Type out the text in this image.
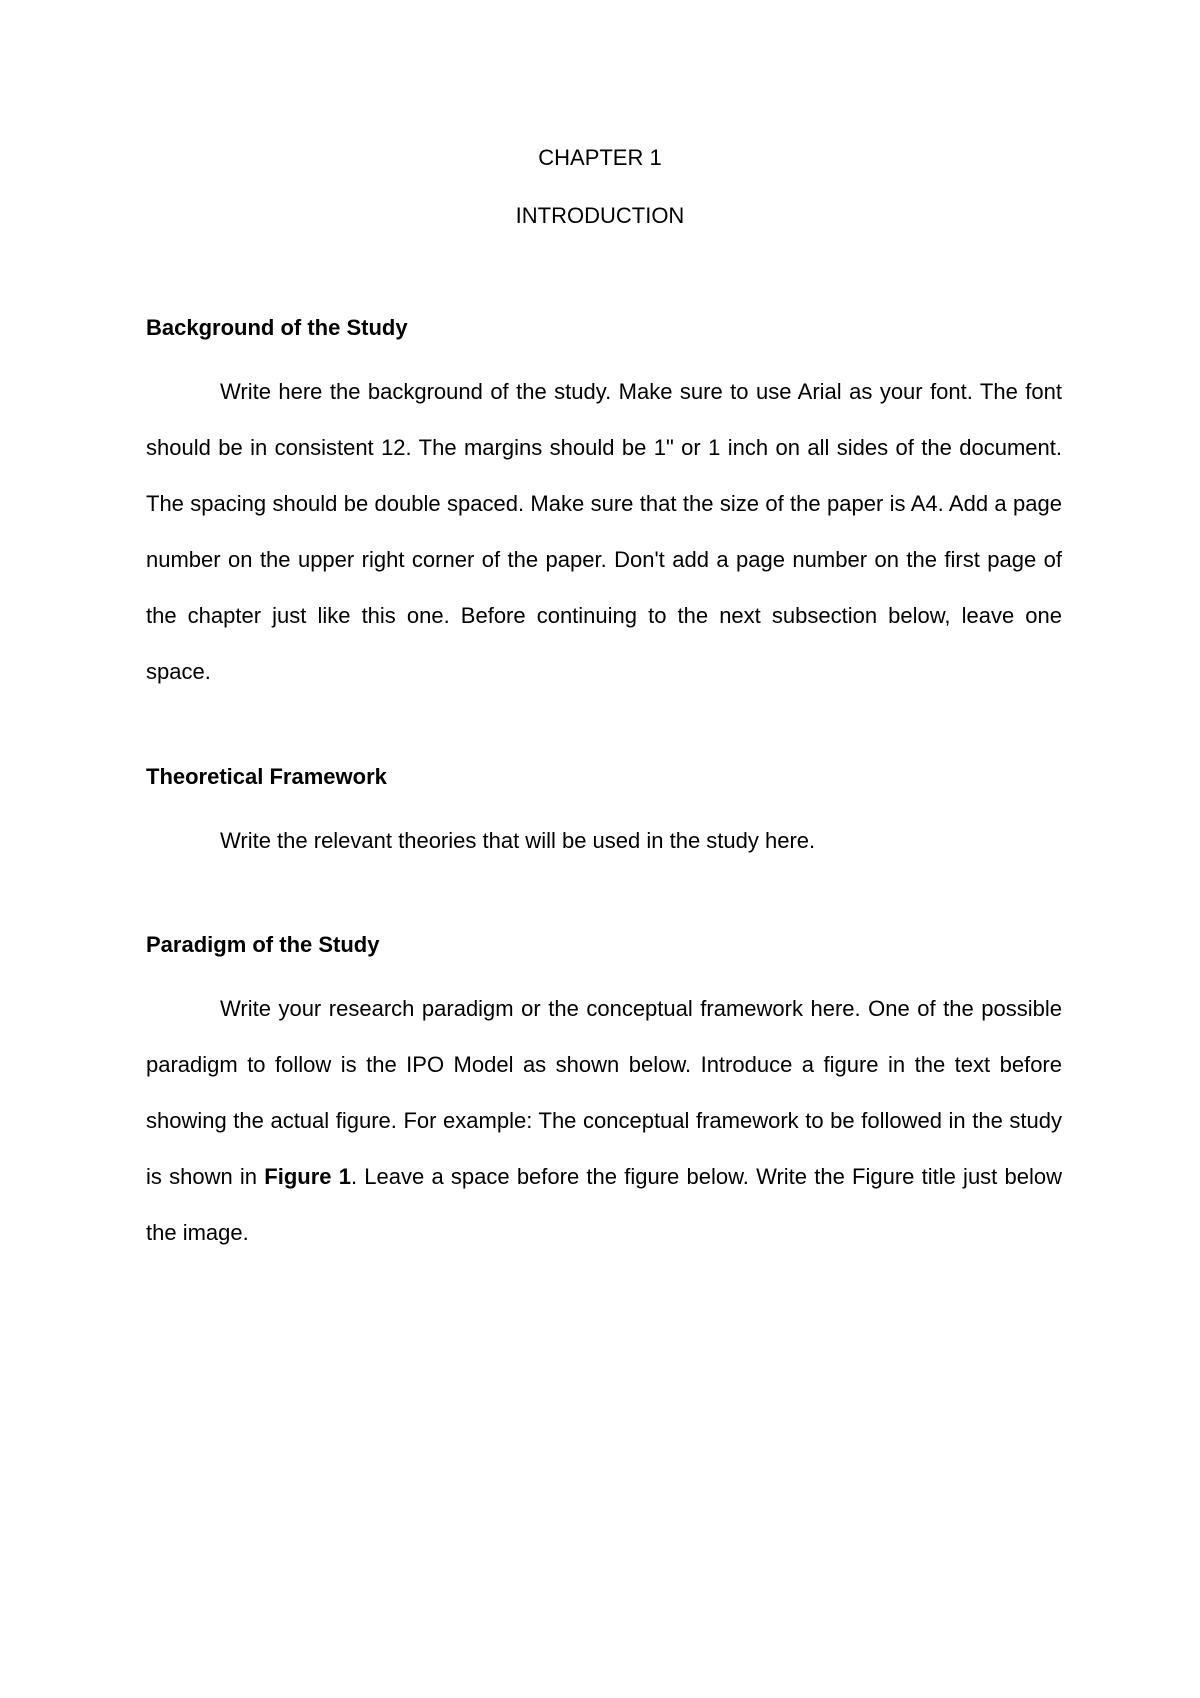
CHAPTER 1
INTRODUCTION

Background of the Study

Write here the background of the study. Make sure to use Arial as your font. The font should be in consistent 12. The margins should be 1" or 1 inch on all sides of the document. The spacing should be double spaced. Make sure that the size of the paper is A4. Add a page number on the upper right corner of the paper. Don't add a page number on the first page of the chapter just like this one. Before continuing to the next subsection below, leave one space.

Theoretical Framework

Write the relevant theories that will be used in the study here.

Paradigm of the Study

Write your research paradigm or the conceptual framework here. One of the possible paradigm to follow is the IPO Model as shown below. Introduce a figure in the text before showing the actual figure. For example: The conceptual framework to be followed in the study is shown in Figure 1. Leave a space before the figure below. Write the Figure title just below the image.
